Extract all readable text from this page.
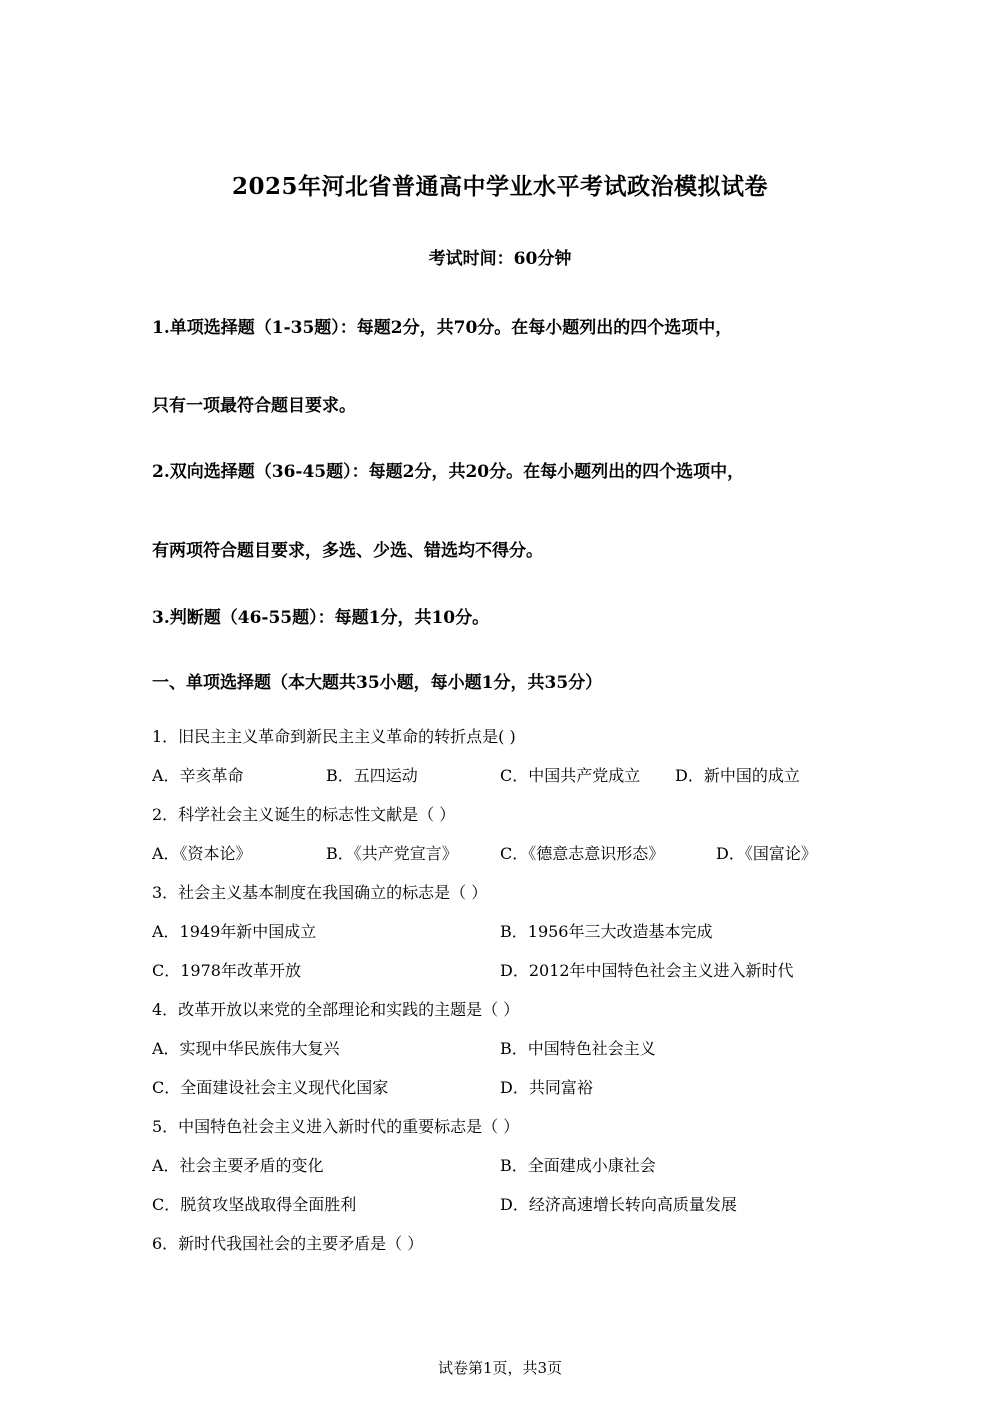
2025年河北省普通高中学业水平考试政治模拟试卷
考试时间：60分钟
1.单项选择题（1-35题）：每题2分，共70分。在每小题列出的四个选项中，
只有一项最符合题目要求。
2.双向选择题（36-45题）：每题2分，共20分。在每小题列出的四个选项中，
有两项符合题目要求，多选、少选、错选均不得分。
3.判断题（46-55题）：每题1分，共10分。
一、单项选择题（本大题共35小题，每小题1分，共35分）
1．旧民主主义革命到新民主主义革命的转折点是( )
A．辛亥革命	B．五四运动	C．中国共产党成立 D．新中国的成立
2．科学社会主义诞生的标志性文献是（ ）
A．《资本论》	B．《共产党宣言》	C．《德意志意识形态》	D．《国富论》
3．社会主义基本制度在我国确立的标志是（ ）
A．1949年新中国成立	B．1956年三大改造基本完成
C．1978年改革开放	D．2012年中国特色社会主义进入新时代
4．改革开放以来党的全部理论和实践的主题是（ ）
A．实现中华民族伟大复兴	B．中国特色社会主义
C．全面建设社会主义现代化国家	D．共同富裕
5．中国特色社会主义进入新时代的重要标志是（ ）
A．社会主要矛盾的变化	B．全面建成小康社会
C．脱贫攻坚战取得全面胜利	D．经济高速增长转向高质量发展
6．新时代我国社会的主要矛盾是（ ）
试卷第1页，共3页
